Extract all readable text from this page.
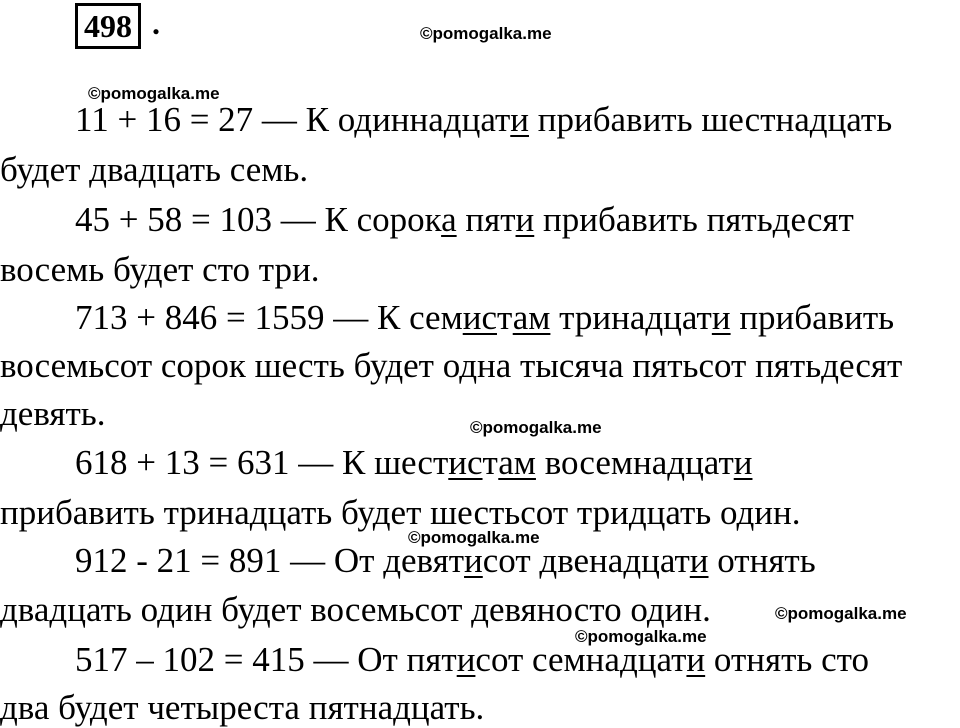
498 .	©pomogalka.me
©pomogalka.me
©pomogalka.me
©pomogalka.me
©pomogalka.me
©pomogalka.me
11 + 16 = 27 — К одиннадцати прибавить шестнадцать
будет двадцать семь.
45 + 58 = 103 — К сорока пяти прибавить пятьдесят
восемь будет сто три.
713 + 846 = 1559 — К семистам тринадцати прибавить
восемьсот сорок шесть будет одна тысяча пятьсот пятьдесят
девять.
618 + 13 = 631 — К шестистам восемнадцати
прибавить тринадцать будет шестьсот тридцать один.
912 - 21 = 891 — От девятисот двенадцати отнять
двадцать один будет восемьсот девяносто один.
517 – 102 = 415 — От пятисот семнадцати отнять сто
два будет четыреста пятнадцать.
